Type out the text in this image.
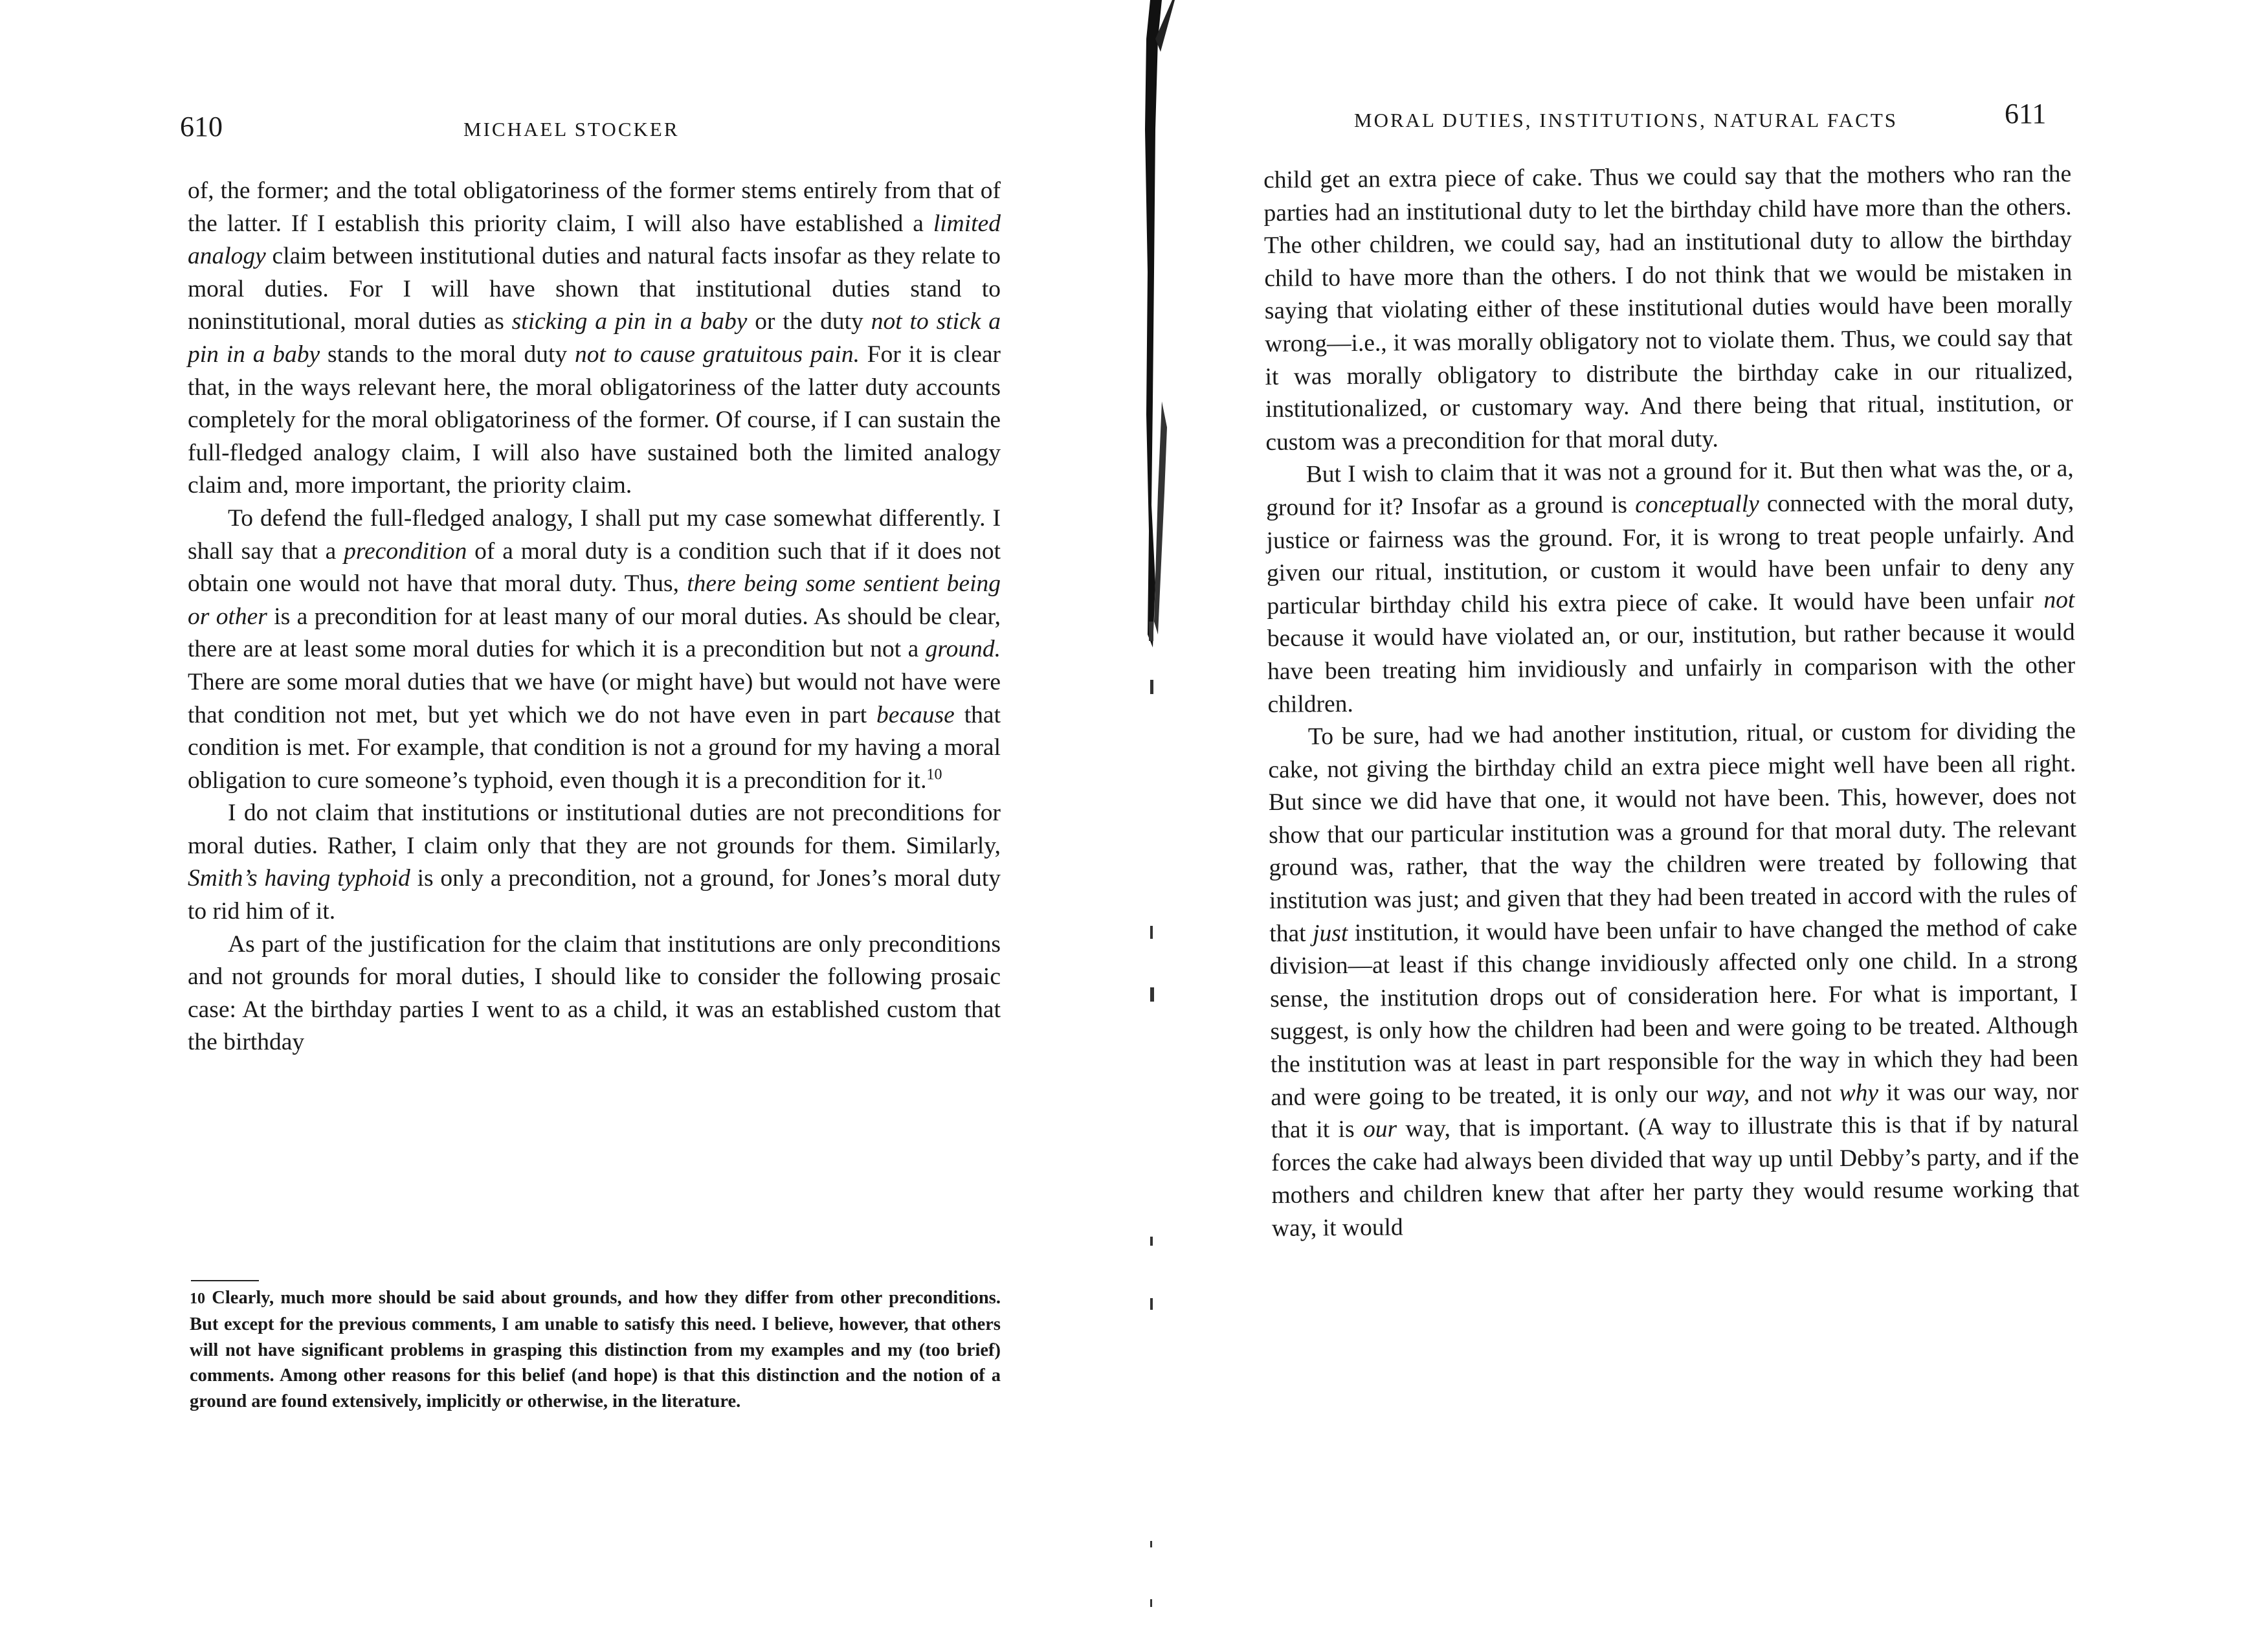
610	MICHAEL STOCKER

of, the former; and the total obligatoriness of the former stems entirely from that of the latter. If I establish this priority claim, I will also have established a limited analogy claim between institutional duties and natural facts insofar as they relate to moral duties. For I will have shown that institutional duties stand to noninstitutional, moral duties as sticking a pin in a baby or the duty not to stick a pin in a baby stands to the moral duty not to cause gratuitous pain. For it is clear that, in the ways relevant here, the moral obligatoriness of the latter duty accounts completely for the moral obligatoriness of the former. Of course, if I can sustain the full-fledged analogy claim, I will also have sustained both the limited analogy claim and, more important, the priority claim.

To defend the full-fledged analogy, I shall put my case somewhat differently. I shall say that a precondition of a moral duty is a condition such that if it does not obtain one would not have that moral duty. Thus, there being some sentient being or other is a precondition for at least many of our moral duties. As should be clear, there are at least some moral duties for which it is a precondition but not a ground. There are some moral duties that we have (or might have) but would not have were that condition not met, but yet which we do not have even in part because that condition is met. For example, that condition is not a ground for my having a moral obligation to cure someone’s typhoid, even though it is a precondition for it.$^{10}$

I do not claim that institutions or institutional duties are not preconditions for moral duties. Rather, I claim only that they are not grounds for them. Similarly, Smith’s having typhoid is only a precondition, not a ground, for Jones’s moral duty to rid him of it.

As part of the justification for the claim that institutions are only preconditions and not grounds for moral duties, I should like to consider the following prosaic case: At the birthday parties I went to as a child, it was an established custom that the birthday

10 Clearly, much more should be said about grounds, and how they differ from other preconditions. But except for the previous comments, I am unable to satisfy this need. I believe, however, that others will not have significant problems in grasping this distinction from my examples and my (too brief) comments. Among other reasons for this belief (and hope) is that this distinction and the notion of a ground are found extensively, implicitly or otherwise, in the literature.
MORAL DUTIES, INSTITUTIONS, NATURAL FACTS	611

child get an extra piece of cake. Thus we could say that the mothers who ran the parties had an institutional duty to let the birthday child have more than the others. The other children, we could say, had an institutional duty to allow the birthday child to have more than the others. I do not think that we would be mistaken in saying that violating either of these institutional duties would have been morally wrong—i.e., it was morally obligatory not to violate them. Thus, we could say that it was morally obligatory to distribute the birthday cake in our ritualized, institutionalized, or customary way. And there being that ritual, institution, or custom was a precondition for that moral duty.

But I wish to claim that it was not a ground for it. But then what was the, or a, ground for it? Insofar as a ground is conceptually connected with the moral duty, justice or fairness was the ground. For, it is wrong to treat people unfairly. And given our ritual, institution, or custom it would have been unfair to deny any particular birthday child his extra piece of cake. It would have been unfair not because it would have violated an, or our, institution, but rather because it would have been treating him invidiously and unfairly in comparison with the other children.

To be sure, had we had another institution, ritual, or custom for dividing the cake, not giving the birthday child an extra piece might well have been all right. But since we did have that one, it would not have been. This, however, does not show that our particular institution was a ground for that moral duty. The relevant ground was, rather, that the way the children were treated by following that institution was just; and given that they had been treated in accord with the rules of that just institution, it would have been unfair to have changed the method of cake division—at least if this change invidiously affected only one child. In a strong sense, the institution drops out of consideration here. For what is important, I suggest, is only how the children had been and were going to be treated. Although the institution was at least in part responsible for the way in which they had been and were going to be treated, it is only our way, and not why it was our way, nor that it is our way, that is important. (A way to illustrate this is that if by natural forces the cake had always been divided that way up until Debby’s party, and if the mothers and children knew that after her party they would resume working that way, it would
